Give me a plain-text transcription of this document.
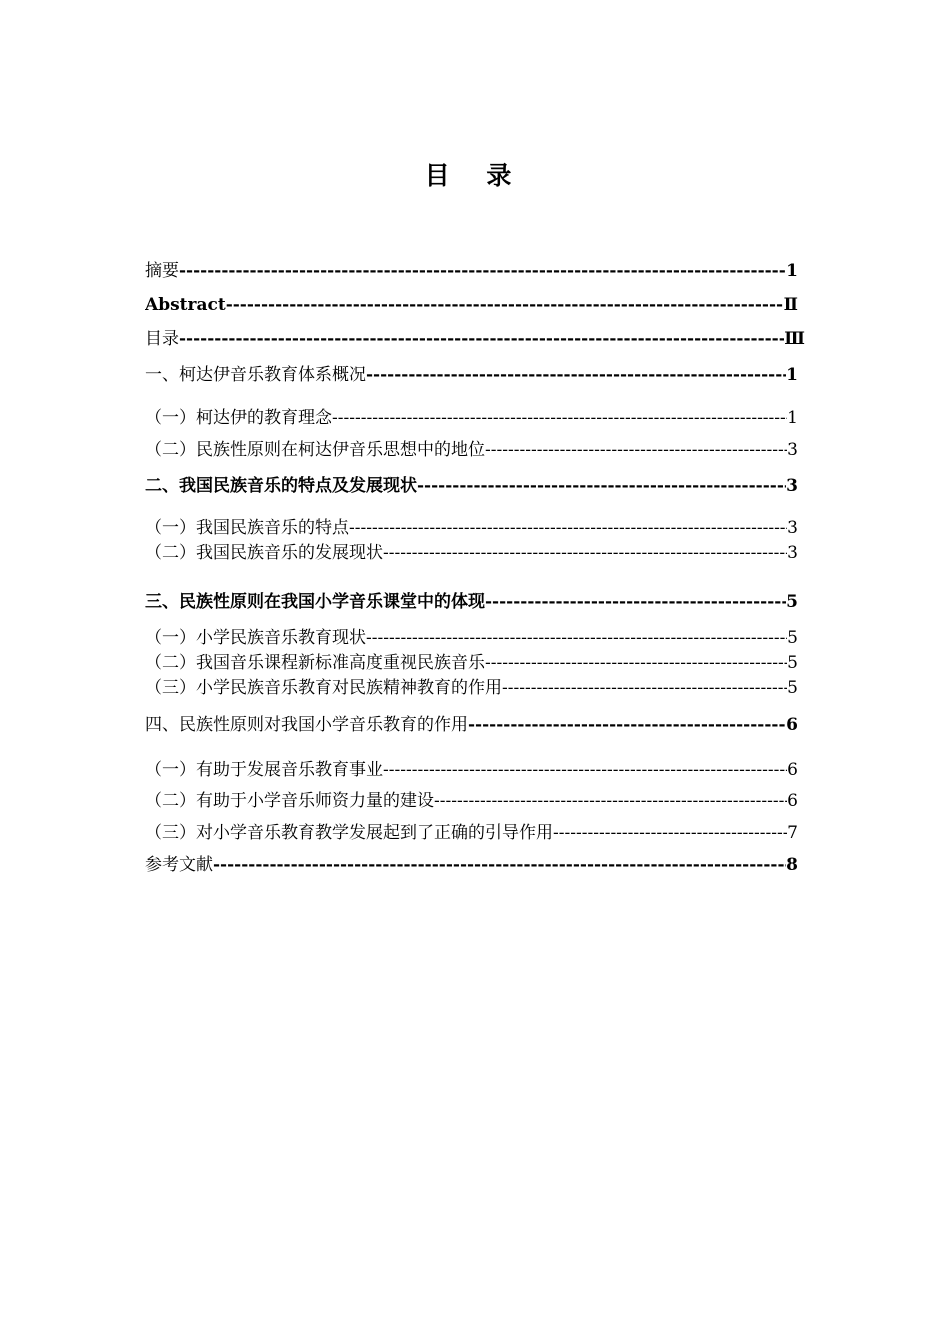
目 录
摘要 -----	1
Abstract -----	Ⅱ
目录 -----	Ⅲ
一、柯达伊音乐教育体系概况 -----	1
（一）柯达伊的教育理念 -----	1
（二）民族性原则在柯达伊音乐思想中的地位 -----	3
二、我国民族音乐的特点及发展现状 -----	3
（一）我国民族音乐的特点 -----	3
（二）我国民族音乐的发展现状 -----	3
三、民族性原则在我国小学音乐课堂中的体现 -----	5
（一）小学民族音乐教育现状 -----	5
（二）我国音乐课程新标准高度重视民族音乐 -----	5
（三）小学民族音乐教育对民族精神教育的作用 -----	5
四、民族性原则对我国小学音乐教育的作用 -----	6
（一）有助于发展音乐教育事业 -----	6
（二）有助于小学音乐师资力量的建设 -----	6
（三）对小学音乐教育教学发展起到了正确的引导作用 -----	7
参考文献 -----	8
